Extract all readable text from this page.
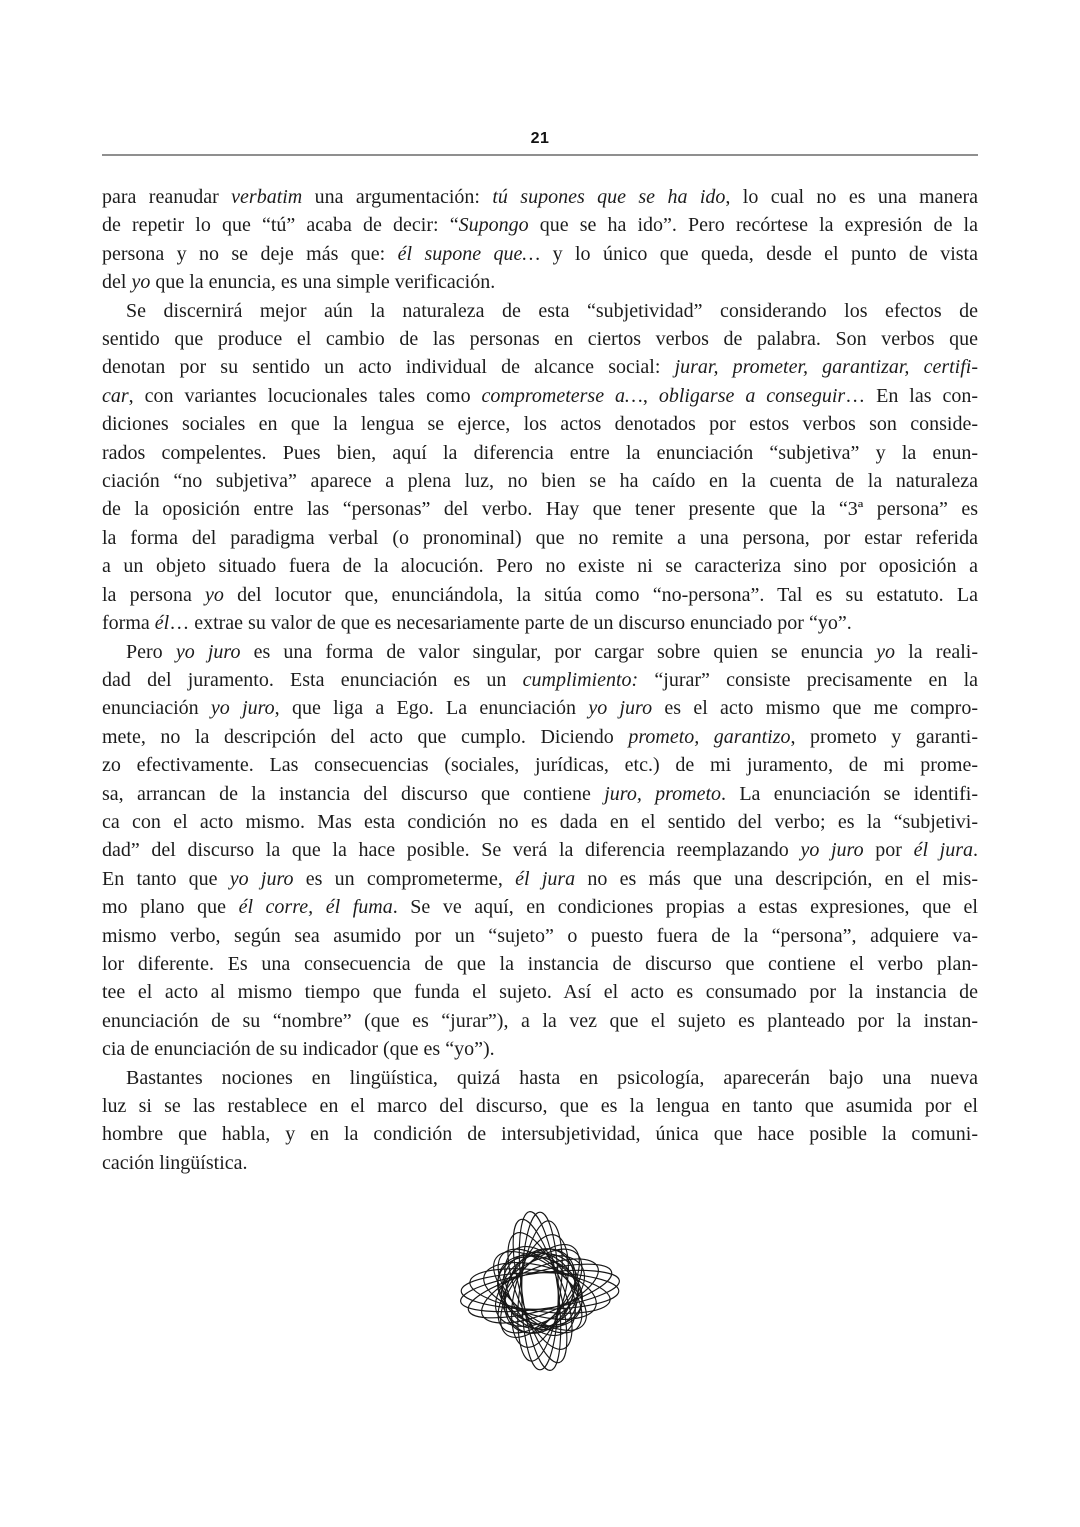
21
para reanudar verbatim una argumentación: tú supones que se ha ido, lo cual no es una manera
de repetir lo que “tú” acaba de decir: “Supongo que se ha ido”. Pero recórtese la expresión de la
persona y no se deje más que: él supone que… y lo único que queda, desde el punto de vista
del yo que la enuncia, es una simple verificación.
Se discernirá mejor aún la naturaleza de esta “subjetividad” considerando los efectos de
sentido que produce el cambio de las personas en ciertos verbos de palabra. Son verbos que
denotan por su sentido un acto individual de alcance social: jurar, prometer, garantizar, certifi-
car, con variantes locucionales tales como comprometerse a…, obligarse a conseguir… En las con-
diciones sociales en que la lengua se ejerce, los actos denotados por estos verbos son conside-
rados compelentes. Pues bien, aquí la diferencia entre la enunciación “subjetiva” y la enun-
ciación “no subjetiva” aparece a plena luz, no bien se ha caído en la cuenta de la naturaleza
de la oposición entre las “personas” del verbo. Hay que tener presente que la “3ª persona” es
la forma del paradigma verbal (o pronominal) que no remite a una persona, por estar referida
a un objeto situado fuera de la alocución. Pero no existe ni se caracteriza sino por oposición a
la persona yo del locutor que, enunciándola, la sitúa como “no-persona”. Tal es su estatuto. La
forma él… extrae su valor de que es necesariamente parte de un discurso enunciado por “yo”.
Pero yo juro es una forma de valor singular, por cargar sobre quien se enuncia yo la reali-
dad del juramento. Esta enunciación es un cumplimiento: “jurar” consiste precisamente en la
enunciación yo juro, que liga a Ego. La enunciación yo juro es el acto mismo que me compro-
mete, no la descripción del acto que cumplo. Diciendo prometo, garantizo, prometo y garanti-
zo efectivamente. Las consecuencias (sociales, jurídicas, etc.) de mi juramento, de mi prome-
sa, arrancan de la instancia del discurso que contiene juro, prometo. La enunciación se identifi-
ca con el acto mismo. Mas esta condición no es dada en el sentido del verbo; es la “subjetivi-
dad” del discurso la que la hace posible. Se verá la diferencia reemplazando yo juro por él jura.
En tanto que yo juro es un comprometerme, él jura no es más que una descripción, en el mis-
mo plano que él corre, él fuma. Se ve aquí, en condiciones propias a estas expresiones, que el
mismo verbo, según sea asumido por un “sujeto” o puesto fuera de la “persona”, adquiere va-
lor diferente. Es una consecuencia de que la instancia de discurso que contiene el verbo plan-
tee el acto al mismo tiempo que funda el sujeto. Así el acto es consumado por la instancia de
enunciación de su “nombre” (que es “jurar”), a la vez que el sujeto es planteado por la instan-
cia de enunciación de su indicador (que es “yo”).
Bastantes nociones en lingüística, quizá hasta en psicología, aparecerán bajo una nueva
luz si se las restablece en el marco del discurso, que es la lengua en tanto que asumida por el
hombre que habla, y en la condición de intersubjetividad, única que hace posible la comuni-
cación lingüística.
